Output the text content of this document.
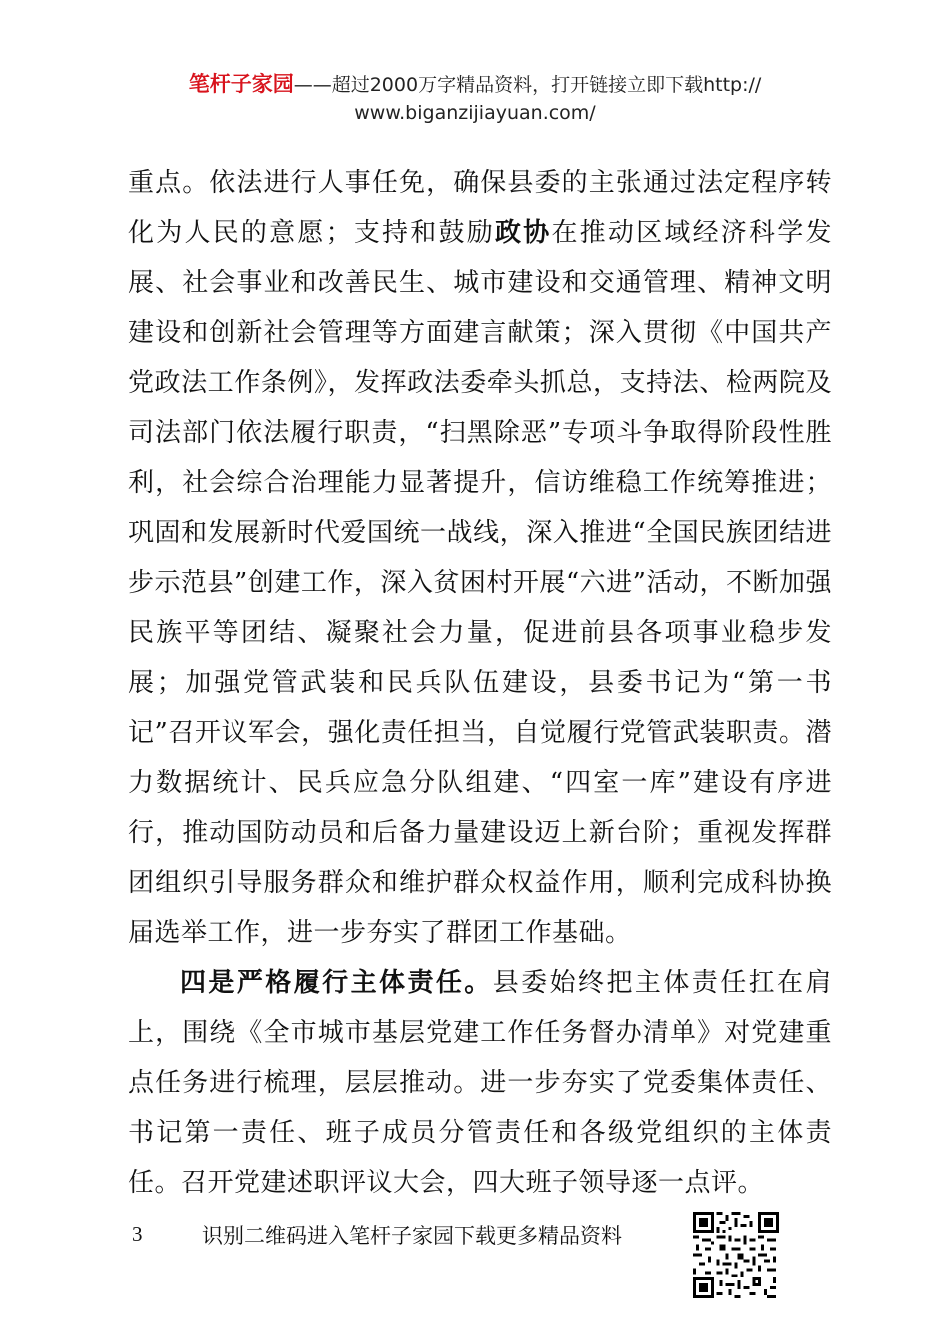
笔杆子家园——超过2000万字精品资料，打开链接立即下载http://
www.biganzijiayuan.com/

重点。依法进行人事任免，确保县委的主张通过法定程序转化为人民的意愿；支持和鼓励政协在推动区域经济科学发展、社会事业和改善民生、城市建设和交通管理、精神文明建设和创新社会管理等方面建言献策；深入贯彻《中国共产党政法工作条例》，发挥政法委牵头抓总，支持法、检两院及司法部门依法履行职责，“扫黑除恶”专项斗争取得阶段性胜利，社会综合治理能力显著提升，信访维稳工作统筹推进；巩固和发展新时代爱国统一战线，深入推进“全国民族团结进步示范县”创建工作，深入贫困村开展“六进”活动，不断加强民族平等团结、凝聚社会力量，促进前县各项事业稳步发展；加强党管武装和民兵队伍建设，县委书记为“第一书记”召开议军会，强化责任担当，自觉履行党管武装职责。潜力数据统计、民兵应急分队组建、“四室一库”建设有序进行，推动国防动员和后备力量建设迈上新台阶；重视发挥群团组织引导服务群众和维护群众权益作用，顺利完成科协换届选举工作，进一步夯实了群团工作基础。

四是严格履行主体责任。县委始终把主体责任扛在肩上，围绕《全市城市基层党建工作任务督办清单》对党建重点任务进行梳理，层层推动。进一步夯实了党委集体责任、书记第一责任、班子成员分管责任和各级党组织的主体责任。召开党建述职评议大会，四大班子领导逐一点评。

3	识别二维码进入笔杆子家园下载更多精品资料
